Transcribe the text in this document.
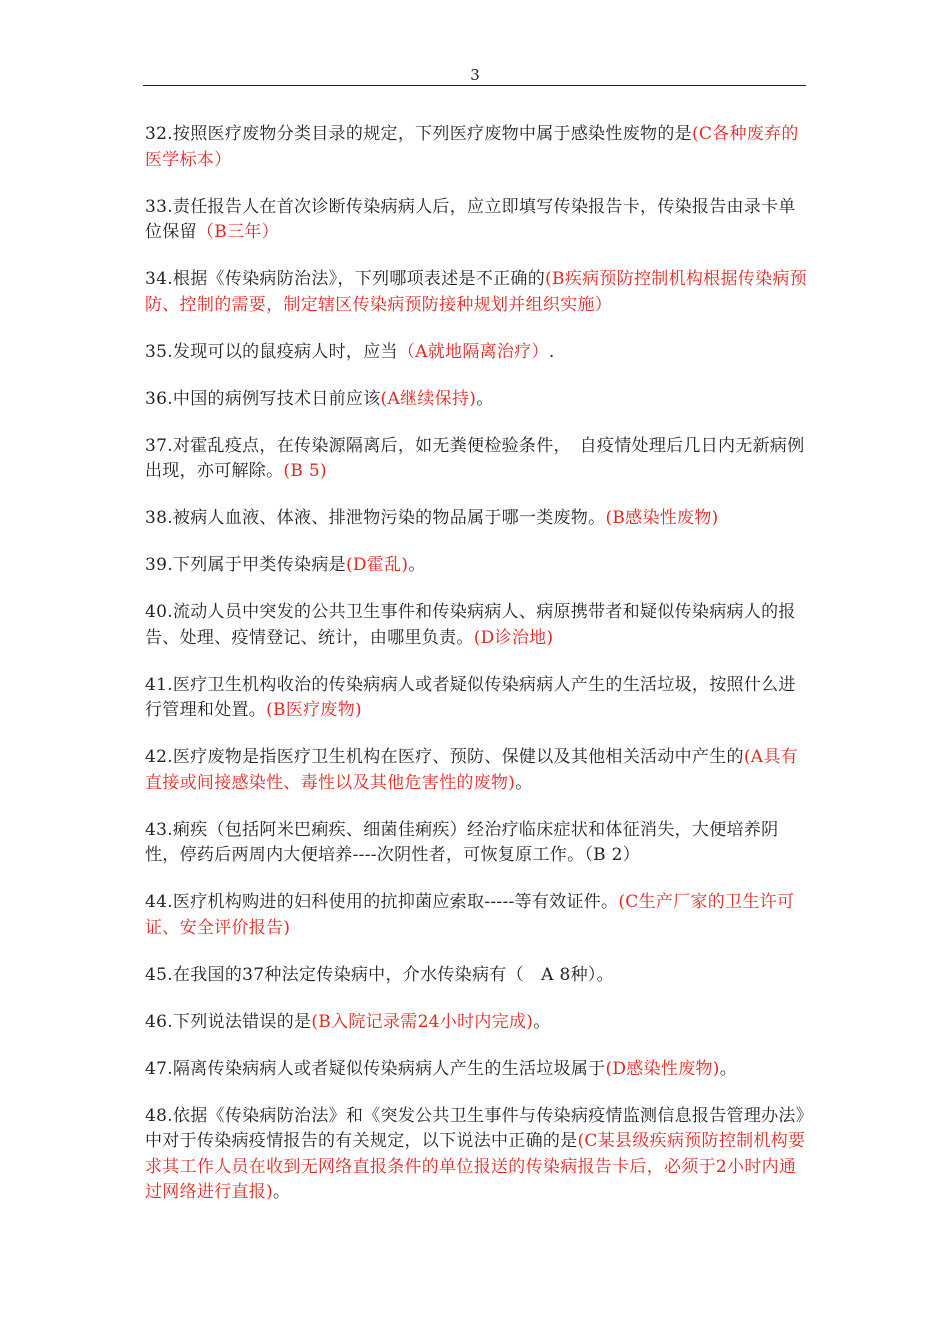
3

32.按照医疗废物分类目录的规定，下列医疗废物中属于感染性废物的是(C各种废弃的医学标本）

33.责任报告人在首次诊断传染病病人后，应立即填写传染报告卡，传染报告由录卡单位保留（B三年）

34.根据《传染病防治法》，下列哪项表述是不正确的(B疾病预防控制机构根据传染病预防、控制的需要，制定辖区传染病预防接种规划并组织实施）

35.发现可以的鼠疫病人时，应当（A就地隔离治疗）.

36.中国的病例写技术日前应该(A继续保持)。

37.对霍乱疫点，在传染源隔离后，如无粪便检验条件，　自疫情处理后几日内无新病例出现，亦可解除。(B 5)

38.被病人血液、体液、排泄物污染的物品属于哪一类废物。(B感染性废物)

39.下列属于甲类传染病是(D霍乱)。

40.流动人员中突发的公共卫生事件和传染病病人、病原携带者和疑似传染病病人的报告、处理、疫情登记、统计，由哪里负责。(D诊治地)

41.医疗卫生机构收治的传染病病人或者疑似传染病病人产生的生活垃圾，按照什么进行管理和处置。(B医疗废物)

42.医疗废物是指医疗卫生机构在医疗、预防、保健以及其他相关活动中产生的(A具有直接或间接感染性、毒性以及其他危害性的废物)。

43.痢疾（包括阿米巴痢疾、细菌佳痢疾）经治疗临床症状和体征消失，大便培养阴性，停药后两周内大便培养----次阴性者，可恢复原工作。（B 2）

44.医疗机构购进的妇科使用的抗抑菌应索取-----等有效证件。(C生产厂家的卫生许可证、安全评价报告)

45.在我国的37种法定传染病中，介水传染病有（　A 8种）。

46.下列说法错误的是(B入院记录需24小时内完成)。

47.隔离传染病病人或者疑似传染病病人产生的生活垃圾属于(D感染性废物)。

48.依据《传染病防治法》和《突发公共卫生事件与传染病疫情监测信息报告管理办法》中对于传染病疫情报告的有关规定，以下说法中正确的是(C某县级疾病预防控制机构要求其工作人员在收到无网络直报条件的单位报送的传染病报告卡后，必须于2小时内通过网络进行直报)。
